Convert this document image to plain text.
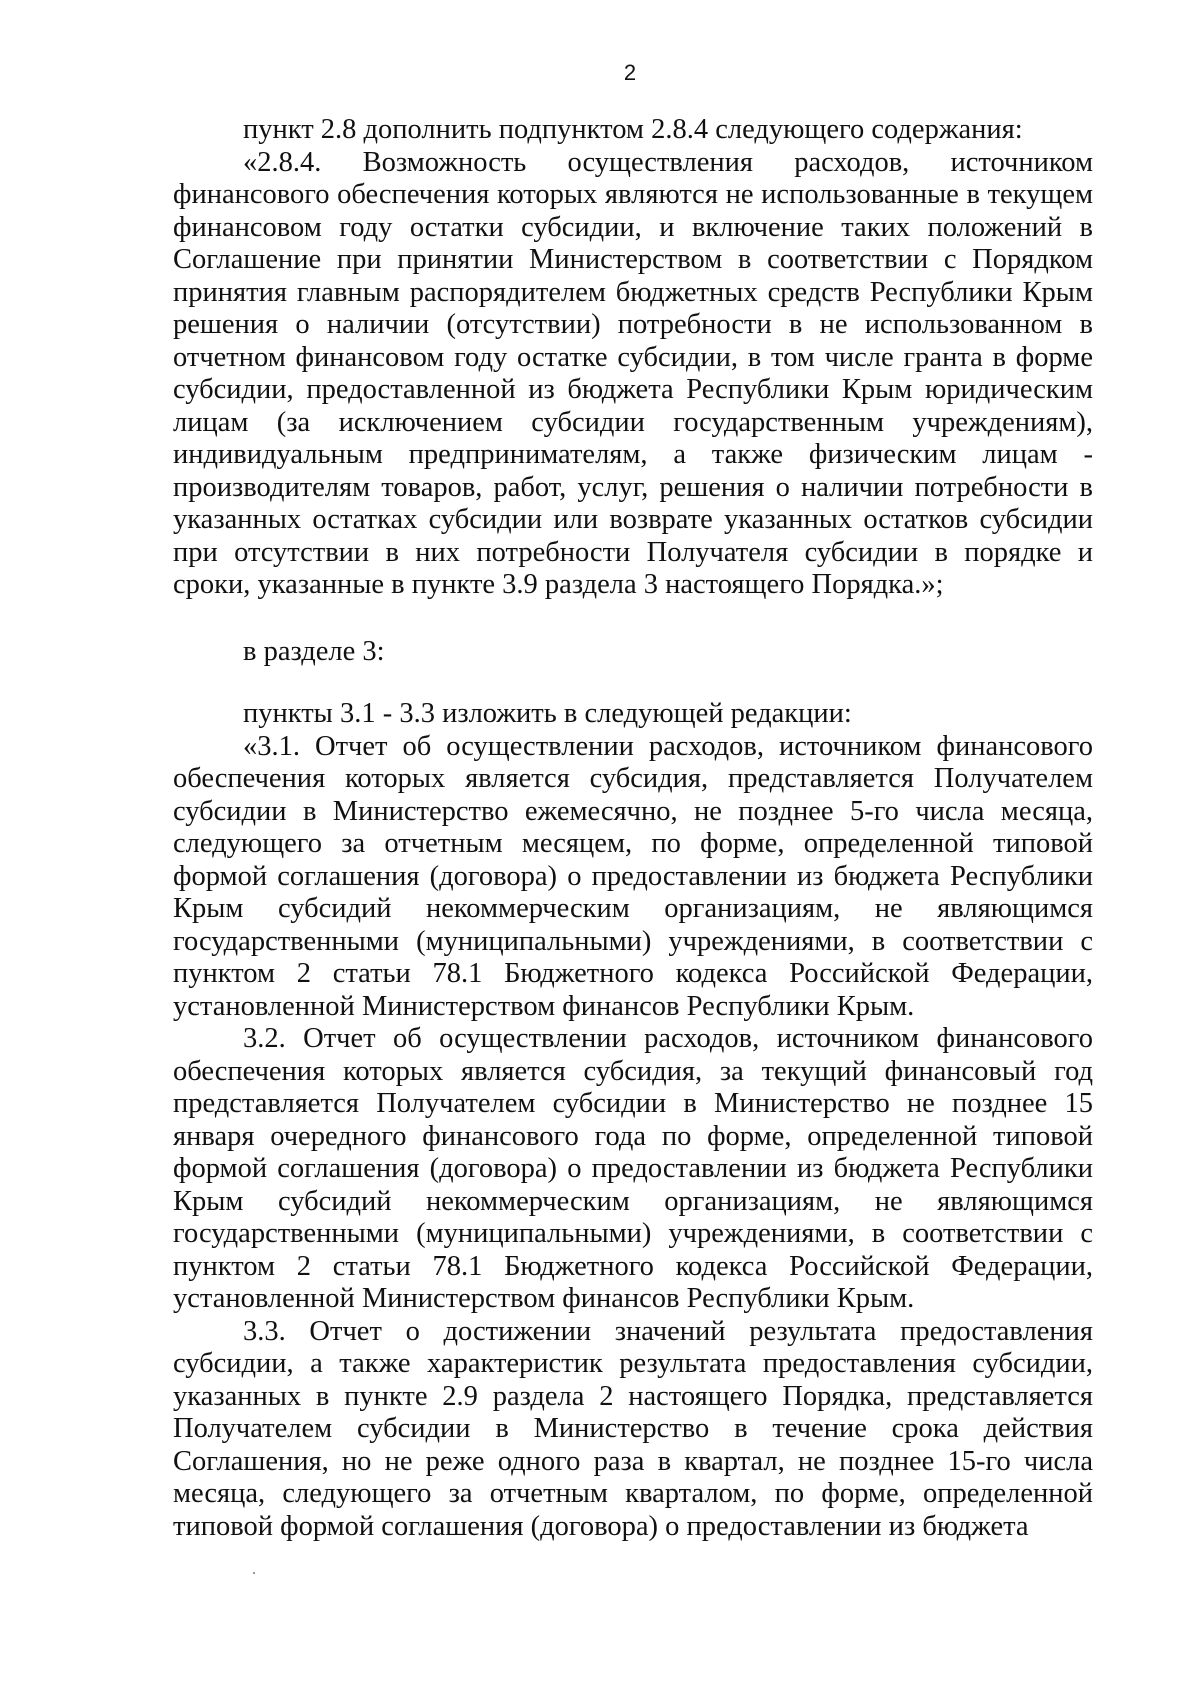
2

пункт 2.8 дополнить подпунктом 2.8.4 следующего содержания:

«2.8.4. Возможность осуществления расходов, источником финансового обеспечения которых являются не использованные в текущем финансовом году остатки субсидии, и включение таких положений в Соглашение при принятии Министерством в соответствии с Порядком принятия главным распорядителем бюджетных средств Республики Крым решения о наличии (отсутствии) потребности в не использованном в отчетном финансовом году остатке субсидии, в том числе гранта в форме субсидии, предоставленной из бюджета Республики Крым юридическим лицам (за исключением субсидии государственным учреждениям), индивидуальным предпринимателям, а также физическим лицам - производителям товаров, работ, услуг, решения о наличии потребности в указанных остатках субсидии или возврате указанных остатков субсидии при отсутствии в них потребности Получателя субсидии в порядке и сроки, указанные в пункте 3.9 раздела 3 настоящего Порядка.»;

в разделе 3:

пункты 3.1 - 3.3 изложить в следующей редакции:

«3.1. Отчет об осуществлении расходов, источником финансового обеспечения которых является субсидия, представляется Получателем субсидии в Министерство ежемесячно, не позднее 5-го числа месяца, следующего за отчетным месяцем, по форме, определенной типовой формой соглашения (договора) о предоставлении из бюджета Республики Крым субсидий некоммерческим организациям, не являющимся государственными (муниципальными) учреждениями, в соответствии с пунктом 2 статьи 78.1 Бюджетного кодекса Российской Федерации, установленной Министерством финансов Республики Крым.

3.2. Отчет об осуществлении расходов, источником финансового обеспечения которых является субсидия, за текущий финансовый год представляется Получателем субсидии в Министерство не позднее 15 января очередного финансового года по форме, определенной типовой формой соглашения (договора) о предоставлении из бюджета Республики Крым субсидий некоммерческим организациям, не являющимся государственными (муниципальными) учреждениями, в соответствии с пунктом 2 статьи 78.1 Бюджетного кодекса Российской Федерации, установленной Министерством финансов Республики Крым.

3.3. Отчет о достижении значений результата предоставления субсидии, а также характеристик результата предоставления субсидии, указанных в пункте 2.9 раздела 2 настоящего Порядка, представляется Получателем субсидии в Министерство в течение срока действия Соглашения, но не реже одного раза в квартал, не позднее 15-го числа месяца, следующего за отчетным кварталом, по форме, определенной типовой формой соглашения (договора) о предоставлении из бюджета
